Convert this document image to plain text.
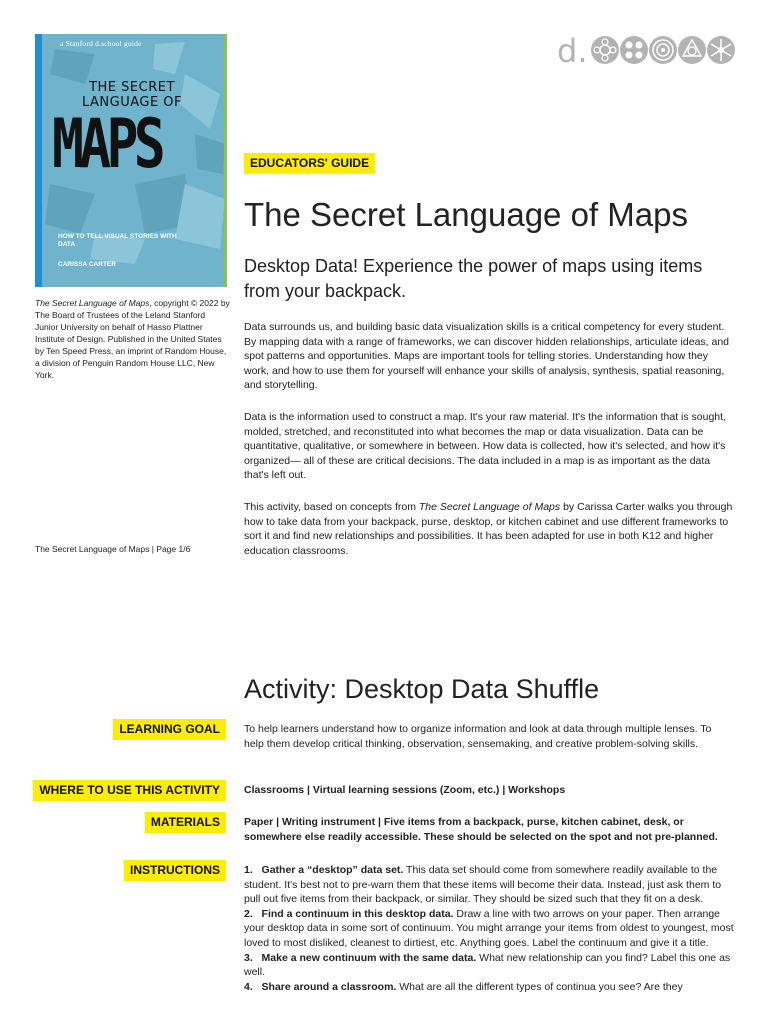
a Stanford d.school guide
THE SECRET
LANGUAGE OF
MAPS
HOW TO TELL VISUAL STORIES WITH DATA
CARISSA CARTER
The Secret Language of Maps, copyright © 2022 by The Board of Trustees of the Leland Stanford Junior University on behalf of Hasso Plattner Institute of Design. Published in the United States by Ten Speed Press, an imprint of Random House, a division of Penguin Random House LLC, New York.
The Secret Language of Maps | Page 1/6
d.
EDUCATORS' GUIDE
The Secret Language of Maps
Desktop Data! Experience the power of maps using items from your backpack.
Data surrounds us, and building basic data visualization skills is a critical competency for every student. By mapping data with a range of frameworks, we can discover hidden relationships, articulate ideas, and spot patterns and opportunities. Maps are important tools for telling stories. Understanding how they work, and how to use them for yourself will enhance your skills of analysis, synthesis, spatial reasoning, and storytelling.
Data is the information used to construct a map. It's your raw material. It's the information that is sought, molded, stretched, and reconstituted into what becomes the map or data visualization. Data can be quantitative, qualitative, or somewhere in between. How data is collected, how it's selected, and how it's organized— all of these are critical decisions. The data included in a map is as important as the data that's left out.
This activity, based on concepts from The Secret Language of Maps by Carissa Carter walks you through how to take data from your backpack, purse, desktop, or kitchen cabinet and use different frameworks to sort it and find new relationships and possibilities. It has been adapted for use in both K12 and higher education classrooms.
Activity: Desktop Data Shuffle
LEARNING GOAL	To help learners understand how to organize information and look at data through multiple lenses. To help them develop critical thinking, observation, sensemaking, and creative problem-solving skills.
WHERE TO USE THIS ACTIVITY	Classrooms | Virtual learning sessions (Zoom, etc.) | Workshops
MATERIALS	Paper | Writing instrument | Five items from a backpack, purse, kitchen cabinet, desk, or somewhere else readily accessible. These should be selected on the spot and not pre-planned.
INSTRUCTIONS	1. Gather a “desktop” data set. This data set should come from somewhere readily available to the student. It's best not to pre-warn them that these items will become their data. Instead, just ask them to pull out five items from their backpack, or similar. They should be sized such that they fit on a desk.
2. Find a continuum in this desktop data. Draw a line with two arrows on your paper. Then arrange your desktop data in some sort of continuum. You might arrange your items from oldest to youngest, most loved to most disliked, cleanest to dirtiest, etc. Anything goes. Label the continuum and give it a title.
3. Make a new continuum with the same data. What new relationship can you find? Label this one as well.
4. Share around a classroom. What are all the different types of continua you see? Are they
